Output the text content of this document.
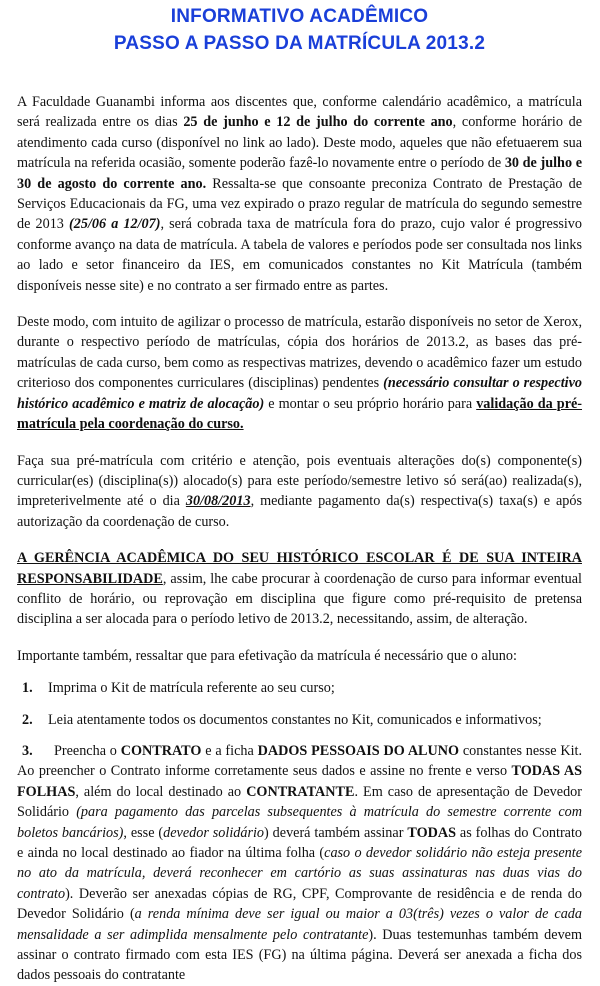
INFORMATIVO ACADÊMICO
PASSO A PASSO DA MATRÍCULA 2013.2

A Faculdade Guanambi informa aos discentes que, conforme calendário acadêmico, a matrícula será realizada entre os dias 25 de junho e 12 de julho do corrente ano, conforme horário de atendimento cada curso (disponível no link ao lado). Deste modo, aqueles que não efetuaerem sua matrícula na referida ocasião, somente poderão fazê-lo novamente entre o período de 30 de julho e 30 de agosto do corrente ano. Ressalta-se que consoante preconiza Contrato de Prestação de Serviços Educacionais da FG, uma vez expirado o prazo regular de matrícula do segundo semestre de 2013 (25/06 a 12/07), será cobrada taxa de matrícula fora do prazo, cujo valor é progressivo conforme avanço na data de matrícula. A tabela de valores e períodos pode ser consultada nos links ao lado e setor financeiro da IES, em comunicados constantes no Kit Matrícula (também disponíveis nesse site) e no contrato a ser firmado entre as partes.

Deste modo, com intuito de agilizar o processo de matrícula, estarão disponíveis no setor de Xerox, durante o respectivo período de matrículas, cópia dos horários de 2013.2, as bases das pré-matrículas de cada curso, bem como as respectivas matrizes, devendo o acadêmico fazer um estudo criterioso dos componentes curriculares (disciplinas) pendentes (necessário consultar o respectivo histórico acadêmico e matriz de alocação) e montar o seu próprio horário para validação da pré-matrícula pela coordenação do curso.

Faça sua pré-matrícula com critério e atenção, pois eventuais alterações do(s) componente(s) curricular(es) (disciplina(s)) alocado(s) para este período/semestre letivo só será(ao) realizada(s), impreterivelmente até o dia 30/08/2013, mediante pagamento da(s) respectiva(s) taxa(s) e após autorização da coordenação de curso.

A GERÊNCIA ACADÊMICA DO SEU HISTÓRICO ESCOLAR É DE SUA INTEIRA RESPONSABILIDADE, assim, lhe cabe procurar à coordenação de curso para informar eventual conflito de horário, ou reprovação em disciplina que figure como pré-requisito de pretensa disciplina a ser alocada para o período letivo de 2013.2, necessitando, assim, de alteração.

Importante também, ressaltar que para efetivação da matrícula é necessário que o aluno:

1. Imprima o Kit de matrícula referente ao seu curso;
2. Leia atentamente todos os documentos constantes no Kit, comunicados e informativos;
3. Preencha o CONTRATO e a ficha DADOS PESSOAIS DO ALUNO constantes nesse Kit. Ao preencher o Contrato informe corretamente seus dados e assine no frente e verso TODAS AS FOLHAS, além do local destinado ao CONTRATANTE. Em caso de apresentação de Devedor Solidário (para pagamento das parcelas subsequentes à matrícula do semestre corrente com boletos bancários), esse (devedor solidário) deverá também assinar TODAS as folhas do Contrato e ainda no local destinado ao fiador na última folha (caso o devedor solidário não esteja presente no ato da matrícula, deverá reconhecer em cartório as suas assinaturas nas duas vias do contrato). Deverão ser anexadas cópias de RG, CPF, Comprovante de residência e de renda do Devedor Solidário (a renda mínima deve ser igual ou maior a 03(três) vezes o valor de cada mensalidade a ser adimplida mensalmente pelo contratante). Duas testemunhas também devem assinar o contrato firmado com esta IES (FG) na última página. Deverá ser anexada a ficha dos dados pessoais do contratante
